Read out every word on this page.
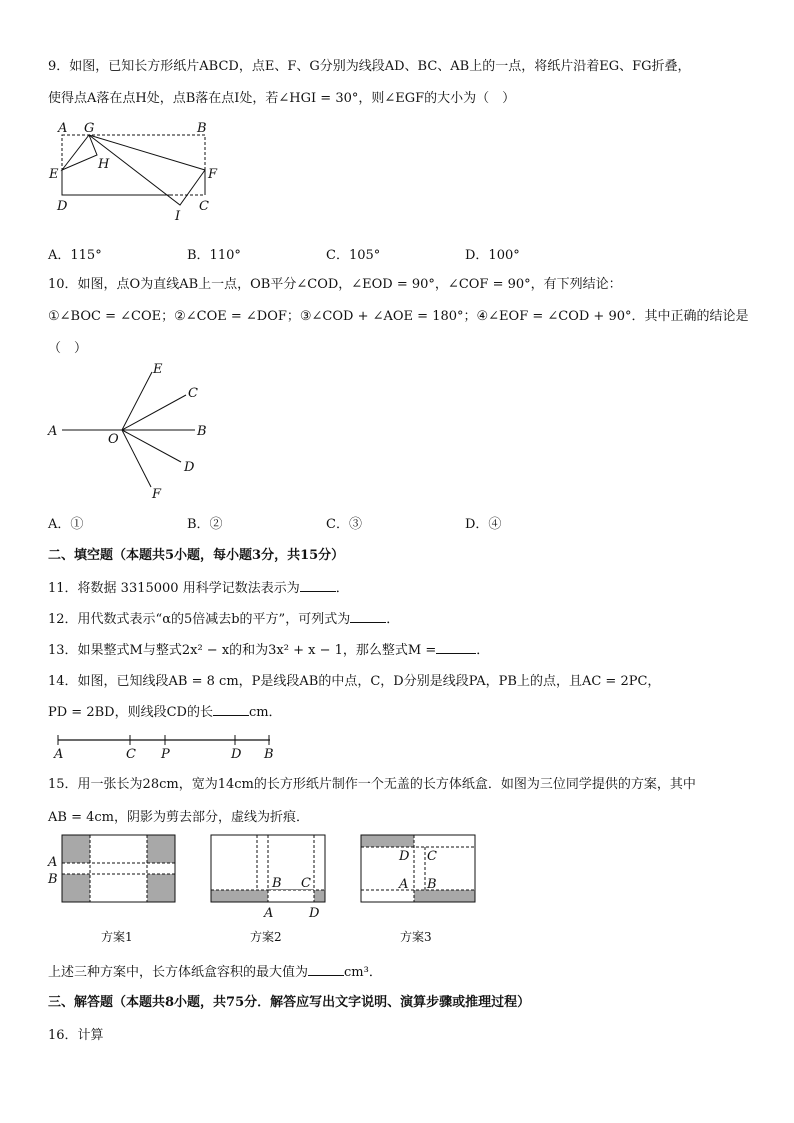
9．如图，已知长方形纸片ABCD，点E、F、G分别为线段AD、BC、AB上的一点，将纸片沿着EG、FG折叠，
使得点A落在点H处，点B落在点I处，若∠HGI = 30°，则∠EGF的大小为（　）
A G	B
E
H
F
D
I
C
A．115°	B．110°	C．105°	D．100°
10．如图，点O为直线AB上一点，OB平分∠COD，∠EOD = 90°，∠COF = 90°，有下列结论：
①∠BOC = ∠COE；②∠COE = ∠DOF；③∠COD + ∠AOE = 180°；④∠EOF = ∠COD + 90°．其中正确的结论是
（　）
E
C
A
O
B
D
F
A．①	B．②	C．③	D．④
二、填空题（本题共5小题，每小题3分，共15分）
11．将数据 3315000 用科学记数法表示为	．
12．用代数式表示“α的5倍减去b的平方”，可列式为	．
13．如果整式M与整式2x² − x的和为3x² + x − 1，那么整式M =	．
14．如图，已知线段AB = 8 cm，P是线段AB的中点，C，D分别是线段PA，PB上的点，且AC = 2PC，
PD = 2BD，则线段CD的长	cm．
A	C P	D B
15．用一张长为28cm，宽为14cm的长方形纸片制作一个无盖的长方体纸盒．如图为三位同学提供的方案，其中
AB = 4cm，阴影为剪去部分，虚线为折痕．
A
B	B C
A	D
D C
A B
方案1	方案2	方案3
上述三种方案中，长方体纸盒容积的最大值为	cm³．
三、解答题（本题共8小题，共75分．解答应写出文字说明、演算步骤或推理过程）
16．计算
